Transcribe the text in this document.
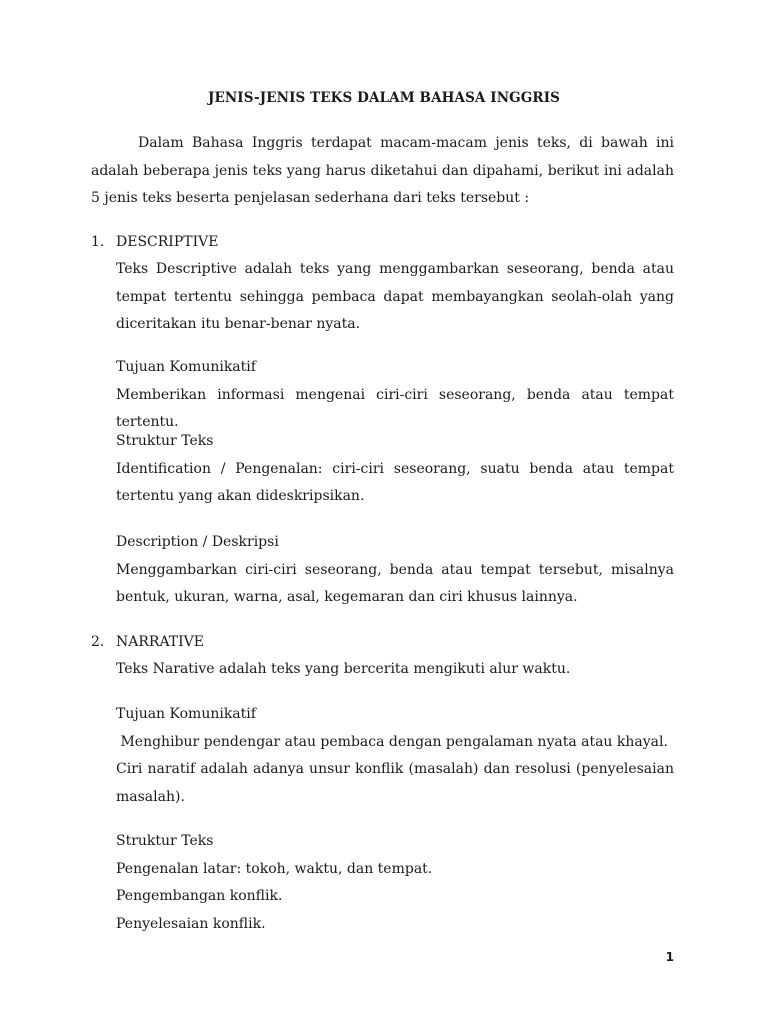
JENIS-JENIS TEKS DALAM BAHASA INGGRIS

Dalam Bahasa Inggris terdapat macam-macam jenis teks, di bawah ini adalah beberapa jenis teks yang harus diketahui dan dipahami, berikut ini adalah 5 jenis teks beserta penjelasan sederhana dari teks tersebut :

1. DESCRIPTIVE

Teks Descriptive adalah teks yang menggambarkan seseorang, benda atau tempat tertentu sehingga pembaca dapat membayangkan seolah-olah yang diceritakan itu benar-benar nyata.

Tujuan Komunikatif

Memberikan informasi mengenai ciri-ciri seseorang, benda atau tempat tertentu.

Struktur Teks

Identification / Pengenalan: ciri-ciri seseorang, suatu benda atau tempat tertentu yang akan dideskripsikan.

Description / Deskripsi

Menggambarkan ciri-ciri seseorang, benda atau tempat tersebut, misalnya bentuk, ukuran, warna, asal, kegemaran dan ciri khusus lainnya.

2. NARRATIVE

Teks Narative adalah teks yang bercerita mengikuti alur waktu.

Tujuan Komunikatif

Menghibur pendengar atau pembaca dengan pengalaman nyata atau khayal.

Ciri naratif adalah adanya unsur konflik (masalah) dan resolusi (penyelesaian masalah).

Struktur Teks

Pengenalan latar: tokoh, waktu, dan tempat.

Pengembangan konflik.

Penyelesaian konflik.

1
